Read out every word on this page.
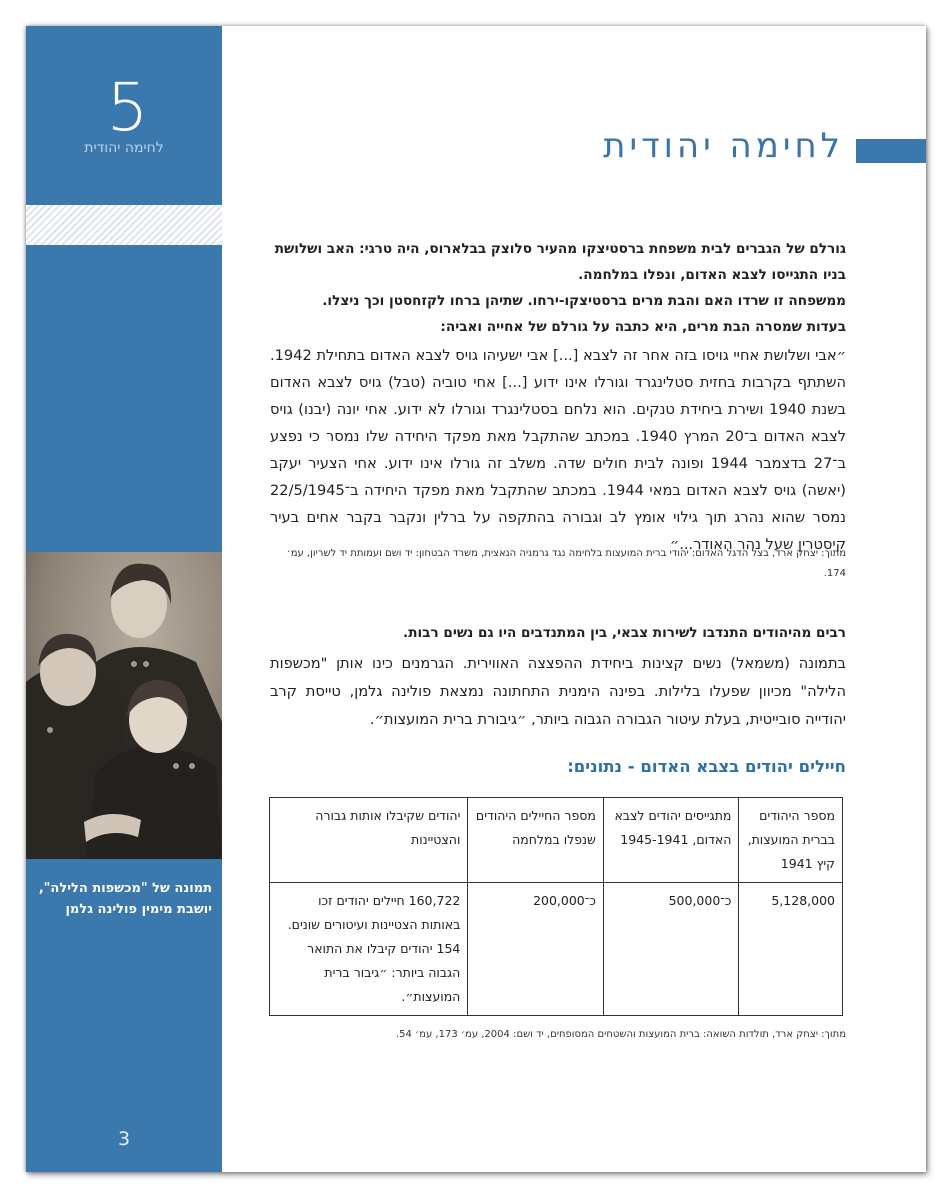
5
לחימה יהודית
תמונה של "מכשפות הלילה",
יושבת מימין פולינה גלמן
3
לחימה יהודית
גורלם של הגברים לבית משפחת ברסטיצקו מהעיר סלוצק בבלארוס, היה טרגי: האב ושלושת
בניו התגייסו לצבא האדום, ונפלו במלחמה.
ממשפחה זו שרדו האם והבת מרים ברסטיצקו-ירחו. שתיהן ברחו לקזחסטן וכך ניצלו.
בעדות שמסרה הבת מרים, היא כתבה על גורלם של אחייה ואביה:
״אבי ושלושת אחיי גויסו בזה אחר זה לצבא [...] אבי ישעיהו גויס לצבא האדום בתחילת 1942. השתתף בקרבות בחזית סטלינגרד וגורלו אינו ידוע [...] אחי טוביה (טבל) גויס לצבא האדום בשנת 1940 ושירת ביחידת טנקים. הוא נלחם בסטלינגרד וגורלו לא ידוע. אחי יונה (יבנו) גויס לצבא האדום ב־20 המרץ 1940. במכתב שהתקבל מאת מפקד היחידה שלו נמסר כי נפצע ב־27 בדצמבר 1944 ופונה לבית חולים שדה. משלב זה גורלו אינו ידוע. אחי הצעיר יעקב (יאשה) גויס לצבא האדום במאי 1944. במכתב שהתקבל מאת מפקד היחידה ב־22/5/1945 נמסר שהוא נהרג תוך גילוי אומץ לב וגבורה בהתקפה על ברלין ונקבר בקבר אחים בעיר קיסטרין שעל נהר האודר...״
מתוך: יצחק ארד, בצל הדגל האדום: יהודי ברית המועצות בלחימה נגד גרמניה הנאצית, משרד הבטחון: יד ושם ועמותת יד לשריון, עמ׳ 174.
רבים מהיהודים התנדבו לשירות צבאי, בין המתנדבים היו גם נשים רבות.
בתמונה (משמאל) נשים קצינות ביחידת ההפצצה האווירית. הגרמנים כינו אותן "מכשפות הלילה" מכיוון שפעלו בלילות. בפינה הימנית התחתונה נמצאת פולינה גלמן, טייסת קרב יהודייה סובייטית, בעלת עיטור הגבורה הגבוה ביותר, ״גיבורת ברית המועצות״.
חיילים יהודים בצבא האדום - נתונים:
מספר היהודים בברית המועצות, קיץ 1941	מתגייסים יהודים לצבא האדום, 1945-1941	מספר החיילים היהודים שנפלו במלחמה	יהודים שקיבלו אותות גבורה והצטיינות
5,128,000	כ־500,000	כ־200,000	160,722 חיילים יהודים זכו באותות הצטיינות ועיטורים שונים.
154 יהודים קיבלו את התואר הגבוה ביותר: ״גיבור ברית המועצות״.
מתוך: יצחק ארד, תולדות השואה: ברית המועצות והשטחים המסופחים, יד ושם: 2004, עמ׳ 173, עמ׳ 54.
